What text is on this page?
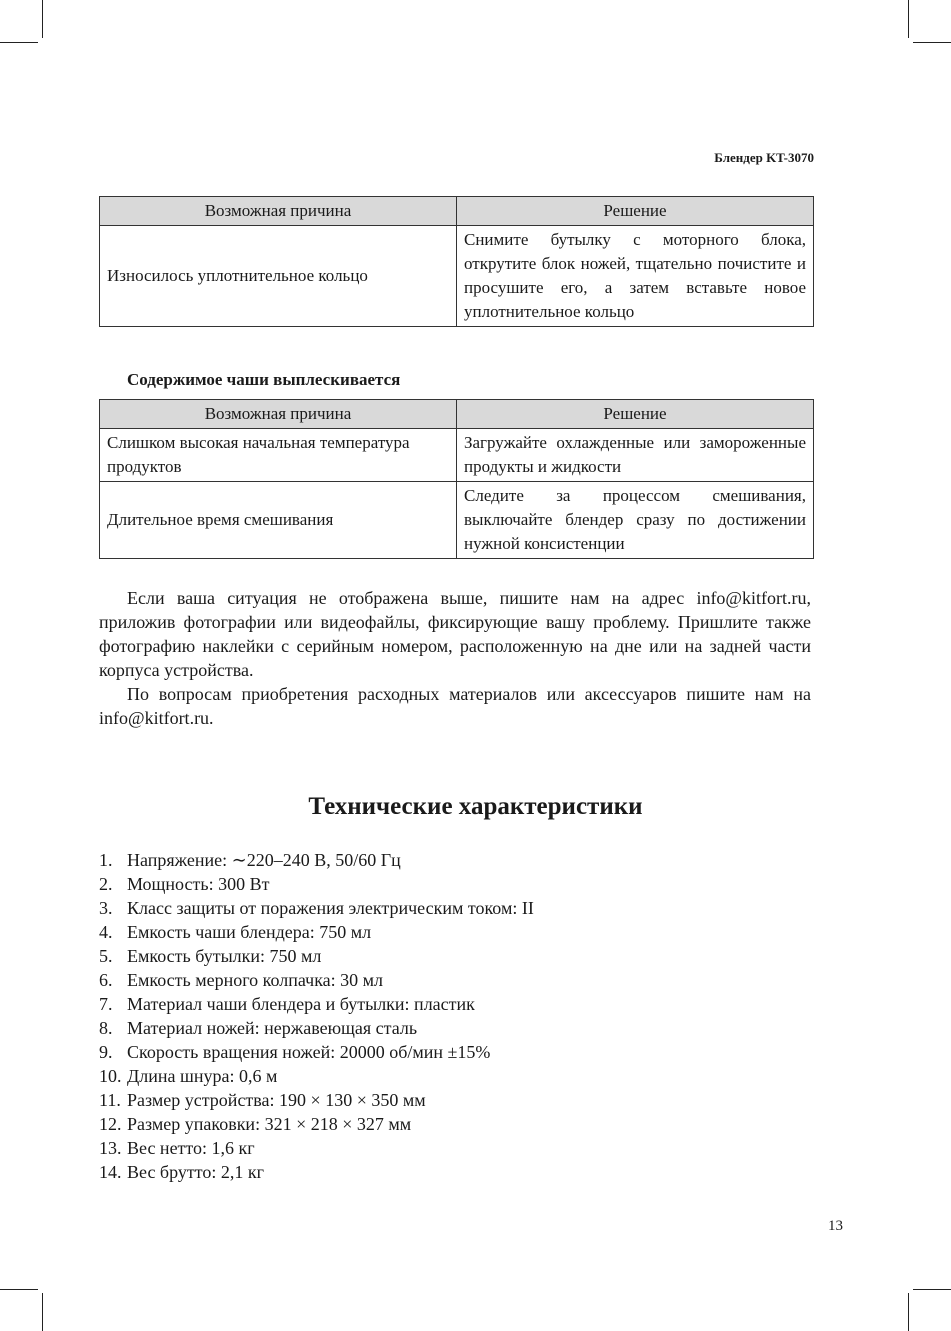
Блендер KT-3070
Возможная причина	Решение
Износилось уплотнительное кольцо	Снимите бутылку с моторного блока, открутите блок ножей, тщательно почистите и просушите его, а затем вставьте новое уплотнительное кольцо
Содержимое чаши выплескивается
Возможная причина	Решение
Слишком высокая начальная температура продуктов	Загружайте охлажденные или замороженные продукты и жидкости
Длительное время смешивания	Следите за процессом смешивания, выключайте блендер сразу по достижении нужной консистенции

Если ваша ситуация не отображена выше, пишите нам на адрес info@kitfort.ru, приложив фотографии или видеофайлы, фиксирующие вашу проблему. Пришлите также фотографию наклейки с серийным номером, расположенную на дне или на задней части корпуса устройства.

По вопросам приобретения расходных материалов или аксессуаров пишите нам на info@kitfort.ru.

Технические характеристики
1. Напряжение: ∼220–240 В, 50/60 Гц
2. Мощность: 300 Вт
3. Класс защиты от поражения электрическим током: II
4. Емкость чаши блендера: 750 мл
5. Емкость бутылки: 750 мл
6. Емкость мерного колпачка: 30 мл
7. Материал чаши блендера и бутылки: пластик
8. Материал ножей: нержавеющая сталь
9. Скорость вращения ножей: 20000 об/мин ±15%
10. Длина шнура: 0,6 м
11. Размер устройства: 190 × 130 × 350 мм
12. Размер упаковки: 321 × 218 × 327 мм
13. Вес нетто: 1,6 кг
14. Вес брутто: 2,1 кг
13
